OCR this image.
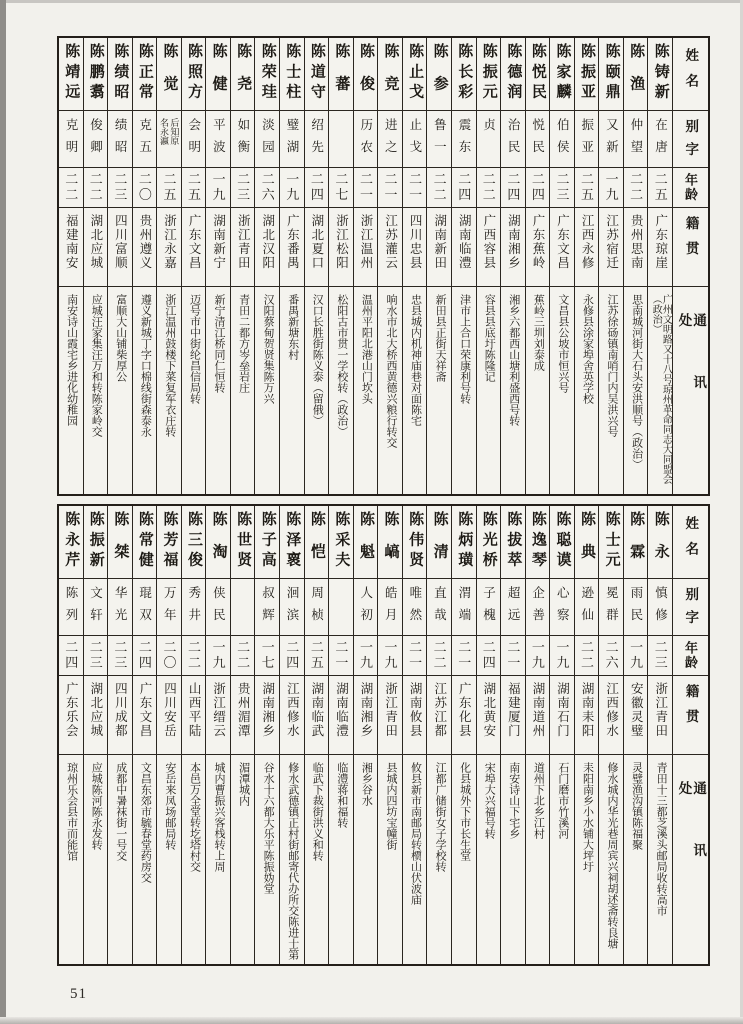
姓名
别字
年龄
籍贯
通讯处
陈铸新
在唐
二五
广东琼崖
广州文明路又十八号琼州革命同志大同盟会（政治）
陈渔
仲望
二二
贵州思南
思南城河街大石头安洪顺号（政治）
陈颐鼎
又新
一九
江苏宿迁
江苏徐砀镇南哨门内吴洪兴号
陈振亚
振亚
二五
江西永修
永修县涂家埠舍英学校
陈家麟
伯侯
二三
广东文昌
文昌县公坡市恒兴号
陈悦民
悦民
二四
广东蕉岭
蕉岭三圳刘泰成
陈德润
治民
二四
湖南湘乡
湘乡六都西山塘利盛西号转
陈振元
贞
二二
广西容县
容县县底圩陈隆记
陈长彩
震东
二四
湖南临澧
津市上合口荣康利号转
陈参
鲁一
二二
湖南新田
新田县正街天祥斋
陈止戈
止戈
二一
四川忠县
忠县城内机神庙巷对面陈宅
陈竞
进之
二一
江苏灌云
响水市北大桥西黄德兴粮行转交
陈俊
历农
二一
浙江温州
温州平阳北港山门坎头
陈蕃
二七
浙江松阳
松阳古市贯一学校转（政治）
陈道守
绍先
二四
湖北夏口
汉口长胜街陈义泰（留俄）
陈士柱
璧湖
一九
广东番禺
番禺新塘东村
陈荣珪
淡园
二六
湖北汉阳
汉阳蔡甸贺贤集陈万兴
陈尧
如衡
二三
浙江青田
青田二都方岑垒岩庄
陈健
平波
一九
湖南新宁
新宁清江桥同仁恒转
陈照方
会明
二五
广东文昌
迈号市中街纶昌信局转
陈觉
后知原名永瀛
二五
浙江永嘉
浙江温州鼓楼下菜复军衣庄转
陈正常
克五
二〇
贵州遵义
遵义新城丁字口棉线街森泰永
陈绩昭
绩昭
二三
四川富顺
富顺大山铺柴厚公
陈鹏翥
俊卿
二二
湖北应城
应城汪家集汪万和转陈家岭交
陈靖远
克明
二二
福建南安
南安诗山霞宅乡进化幼稚园
姓名
别字
年龄
籍贯
通讯处
陈永
慎修
二三
浙江青田
青田十三都芝溪头邮局收转高市
陈霖
雨民
一九
安徽灵璧
灵璧渔沟镇陈福聚
陈士元
冕群
二六
江西修水
修水城内华光巷周宾兴祠胡述斋转良塘
陈典
逊仙
二二
湖南耒阳
耒阳南乡小水铺大坪圩
陈聪谟
心察
一九
湖南石门
石门磨市竹溪河
陈逸琴
企善
一九
湖南道州
道州下北乡江村
陈拔萃
超远
二一
福建厦门
南安诗山下宅乡
陈光桥
子槐
二四
湖北黄安
宋埠大兴福号转
陈炳璜
渭端
二一
广东化县
化县城外下市长生堂
陈清
直哉
二二
江苏江都
江都广储街女子学校转
陈伟贤
唯然
二一
湖南攸县
攸县新市南邮局转槚山伏波庙
陈嵪
皓月
一九
浙江青田
县城内四坊宝幢街
陈魁
人初
一九
湖南湘乡
湘乡谷水
陈采夫
二一
湖南临澧
临澧蒋和福转
陈恺
周桢
二五
湖南临武
临武下裁街洪义和转
陈泽褱
洄滨
二四
江西修水
修水武德镇正村街邮寄代办所交陈进士第
陈子高
叔辉
一七
湖南湘乡
谷水十六都大乐平陈振妫堂
陈世贤
二二
贵州湄潭
湄潭城内
陈淘
侠民
一九
浙江缙云
城内曹振兴客栈转上周
陈三俊
秀井
二二
山西平陆
本邑万全堂转圪塔村交
陈芳福
万年
二〇
四川安岳
安岳来凤场邮局转
陈常健
琨双
二四
广东文昌
文昌东郊市毓春堂药房交
陈桀
华光
二三
四川成都
成都中暑袜街一号交
陈振新
文轩
二三
湖北应城
应城陈河陈永发转
陈永芹
陈列
二四
广东乐会
琼州乐会县市而能馆
51
